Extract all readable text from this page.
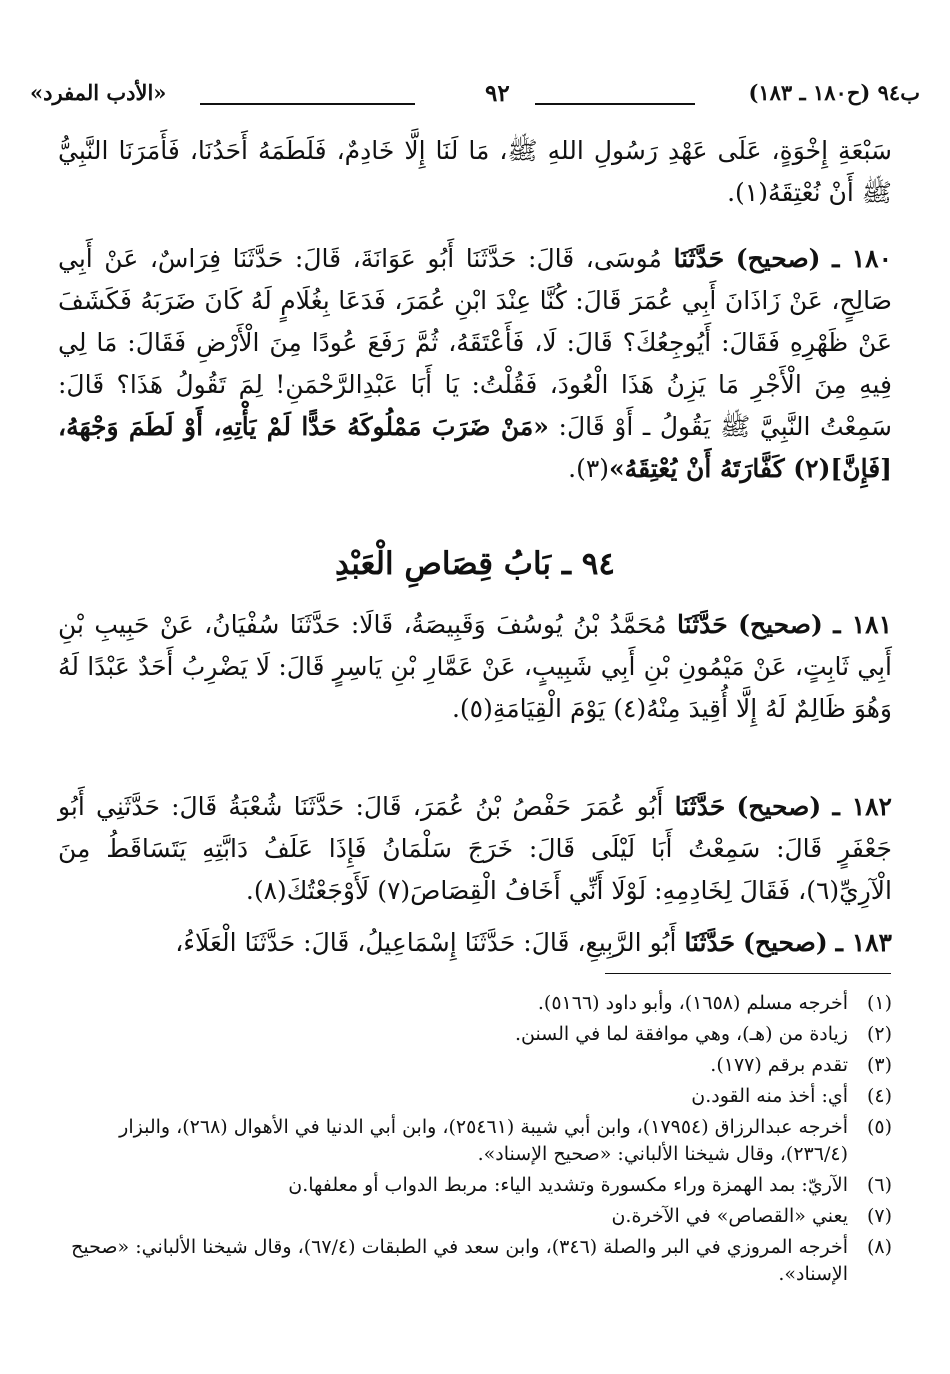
ب٩٤ (ح١٨٠ ـ ١٨٣)
٩٢
«الأدب المفرد»
سَبْعَةِ إِخْوَةٍ، عَلَى عَهْدِ رَسُولِ اللهِ ﷺ، مَا لَنَا إِلَّا خَادِمٌ، فَلَطَمَهُ أَحَدُنَا، فَأَمَرَنَا النَّبِيُّ ﷺ أَنْ نُعْتِقَهُ(١).
١٨٠ ـ (صحيح) حَدَّثَنَا مُوسَى، قَالَ: حَدَّثَنَا أَبُو عَوَانَةَ، قَالَ: حَدَّثَنَا فِرَاسٌ، عَنْ أَبِي صَالِحٍ، عَنْ زَاذَانَ أَبِي عُمَرَ قَالَ: كُنَّا عِنْدَ ابْنِ عُمَرَ، فَدَعَا بِغُلَامٍ لَهُ كَانَ ضَرَبَهُ فَكَشَفَ عَنْ ظَهْرِهِ فَقَالَ: أَيُوجِعُكَ؟ قَالَ: لَا، فَأَعْتَقَهُ، ثُمَّ رَفَعَ عُودًا مِنَ الْأَرْضِ فَقَالَ: مَا لِي فِيهِ مِنَ الْأَجْرِ مَا يَزِنُ هَذَا الْعُودَ، فَقُلْتُ: يَا أَبَا عَبْدِالرَّحْمَنِ! لِمَ تَقُولُ هَذَا؟ قَالَ: سَمِعْتُ النَّبِيَّ ﷺ يَقُولُ ـ أَوْ قَالَ: «مَنْ ضَرَبَ مَمْلُوكَهُ حَدًّا لَمْ يَأْتِهِ، أَوْ لَطَمَ وَجْهَهُ، [فَإِنَّ](٢) كَفَّارَتَهُ أَنْ يُعْتِقَهُ»(٣).
٩٤ ـ بَابُ قِصَاصِ الْعَبْدِ
١٨١ ـ (صحيح) حَدَّثَنَا مُحَمَّدُ بْنُ يُوسُفَ وَقَبِيصَةُ، قَالَا: حَدَّثَنَا سُفْيَانُ، عَنْ حَبِيبِ بْنِ أَبِي ثَابِتٍ، عَنْ مَيْمُونِ بْنِ أَبِي شَبِيبٍ، عَنْ عَمَّارِ بْنِ يَاسِرٍ قَالَ: لَا يَضْرِبُ أَحَدٌ عَبْدًا لَهُ وَهُوَ ظَالِمٌ لَهُ إِلَّا أُقِيدَ مِنْهُ(٤) يَوْمَ الْقِيَامَةِ(٥).
١٨٢ ـ (صحيح) حَدَّثَنَا أَبُو عُمَرَ حَفْصُ بْنُ عُمَرَ، قَالَ: حَدَّثَنَا شُعْبَةُ قَالَ: حَدَّثَنِي أَبُو جَعْفَرٍ قَالَ: سَمِعْتُ أَبَا لَيْلَى قَالَ: خَرَجَ سَلْمَانُ فَإِذَا عَلَفُ دَابَّتِهِ يَتَسَاقَطُ مِنَ الْآرِيِّ(٦)، فَقَالَ لِخَادِمِهِ: لَوْلَا أَنِّي أَخَافُ الْقِصَاصَ(٧) لَأَوْجَعْتُكَ(٨).
١٨٣ ـ (صحيح) حَدَّثَنَا أَبُو الرَّبِيعِ، قَالَ: حَدَّثَنَا إِسْمَاعِيلُ، قَالَ: حَدَّثَنَا الْعَلَاءُ،
(١)
أخرجه مسلم (١٦٥٨)، وأبو داود (٥١٦٦).
(٢)
زيادة من (هـ)، وهي موافقة لما في السنن.
(٣)
تقدم برقم (١٧٧).
(٤)
أي: أخذ منه القود.ن
(٥)
أخرجه عبدالرزاق (١٧٩٥٤)، وابن أبي شيبة (٢٥٤٦١)، وابن أبي الدنيا في الأهوال (٢٦٨)، والبزار (٢٣٦/٤)، وقال شيخنا الألباني: «صحيح الإسناد».
(٦)
الآريّ: بمد الهمزة وراء مكسورة وتشديد الياء: مربط الدواب أو معلفها.ن
(٧)
يعني «القصاص» في الآخرة.ن
(٨)
أخرجه المروزي في البر والصلة (٣٤٦)، وابن سعد في الطبقات (٦٧/٤)، وقال شيخنا الألباني: «صحيح الإسناد».
